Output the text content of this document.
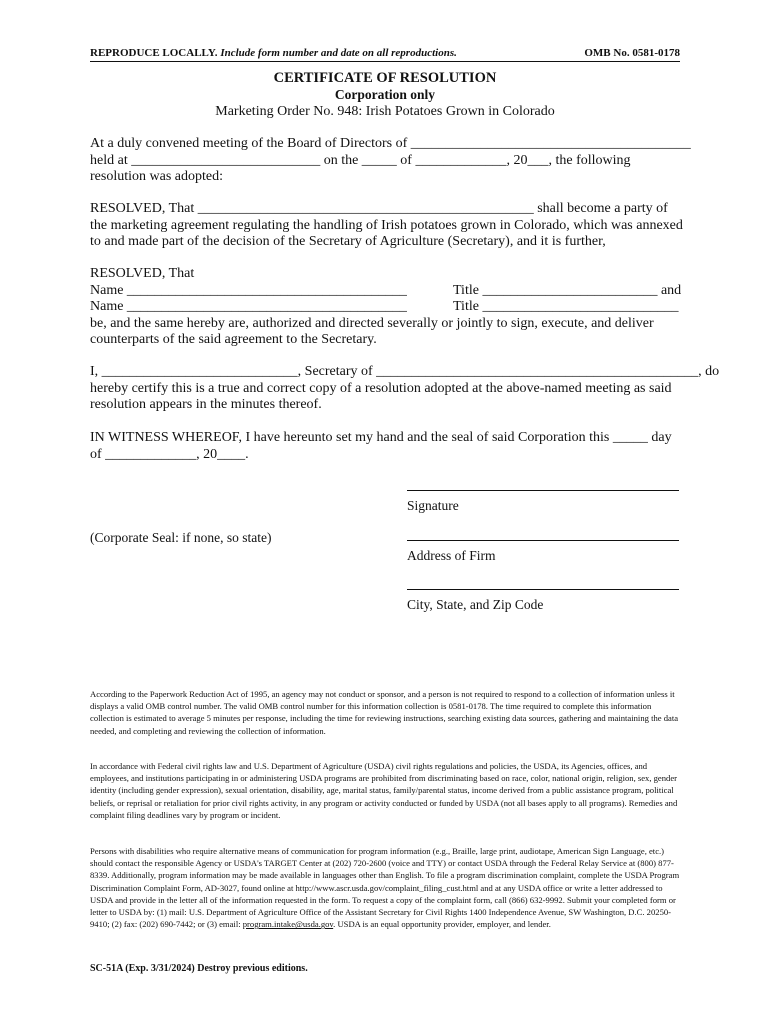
REPRODUCE LOCALLY. Include form number and date on all reproductions.	OMB No. 0581-0178
CERTIFICATE OF RESOLUTION
Corporation only
Marketing Order No. 948: Irish Potatoes Grown in Colorado
At a duly convened meeting of the Board of Directors of ________________________________________
held at ___________________________ on the _____ of _____________, 20___, the following
resolution was adopted:
RESOLVED, That ________________________________________________ shall become a party of
the marketing agreement regulating the handling of Irish potatoes grown in Colorado, which was annexed
to and made part of the decision of the Secretary of Agriculture (Secretary), and it is further,
RESOLVED, That
Name ________________________________________	Title _________________________ and
Name ________________________________________	Title ____________________________
be, and the same hereby are, authorized and directed severally or jointly to sign, execute, and deliver
counterparts of the said agreement to the Secretary.
I, ____________________________, Secretary of ______________________________________________, do
hereby certify this is a true and correct copy of a resolution adopted at the above-named meeting as said
resolution appears in the minutes thereof.
IN WITNESS WHEREOF, I have hereunto set my hand and the seal of said Corporation this _____ day
of _____________, 20____.
Signature
(Corporate Seal: if none, so state)
Address of Firm
City, State, and Zip Code

According to the Paperwork Reduction Act of 1995, an agency may not conduct or sponsor, and a person is not required to respond to a collection of information unless it displays a valid OMB control number. The valid OMB control number for this information collection is 0581-0178. The time required to complete this information collection is estimated to average 5 minutes per response, including the time for reviewing instructions, searching existing data sources, gathering and maintaining the data needed, and completing and reviewing the collection of information.

In accordance with Federal civil rights law and U.S. Department of Agriculture (USDA) civil rights regulations and policies, the USDA, its Agencies, offices, and employees, and institutions participating in or administering USDA programs are prohibited from discriminating based on race, color, national origin, religion, sex, gender identity (including gender expression), sexual orientation, disability, age, marital status, family/parental status, income derived from a public assistance program, political beliefs, or reprisal or retaliation for prior civil rights activity, in any program or activity conducted or funded by USDA (not all bases apply to all programs). Remedies and complaint filing deadlines vary by program or incident.

Persons with disabilities who require alternative means of communication for program information (e.g., Braille, large print, audiotape, American Sign Language, etc.) should contact the responsible Agency or USDA's TARGET Center at (202) 720-2600 (voice and TTY) or contact USDA through the Federal Relay Service at (800) 877-8339. Additionally, program information may be made available in languages other than English. To file a program discrimination complaint, complete the USDA Program Discrimination Complaint Form, AD-3027, found online at http://www.ascr.usda.gov/complaint_filing_cust.html and at any USDA office or write a letter addressed to USDA and provide in the letter all of the information requested in the form. To request a copy of the complaint form, call (866) 632-9992. Submit your completed form or letter to USDA by: (1) mail: U.S. Department of Agriculture Office of the Assistant Secretary for Civil Rights 1400 Independence Avenue, SW Washington, D.C. 20250-9410; (2) fax: (202) 690-7442; or (3) email: program.intake@usda.gov. USDA is an equal opportunity provider, employer, and lender.

SC-51A (Exp. 3/31/2024) Destroy previous editions.
